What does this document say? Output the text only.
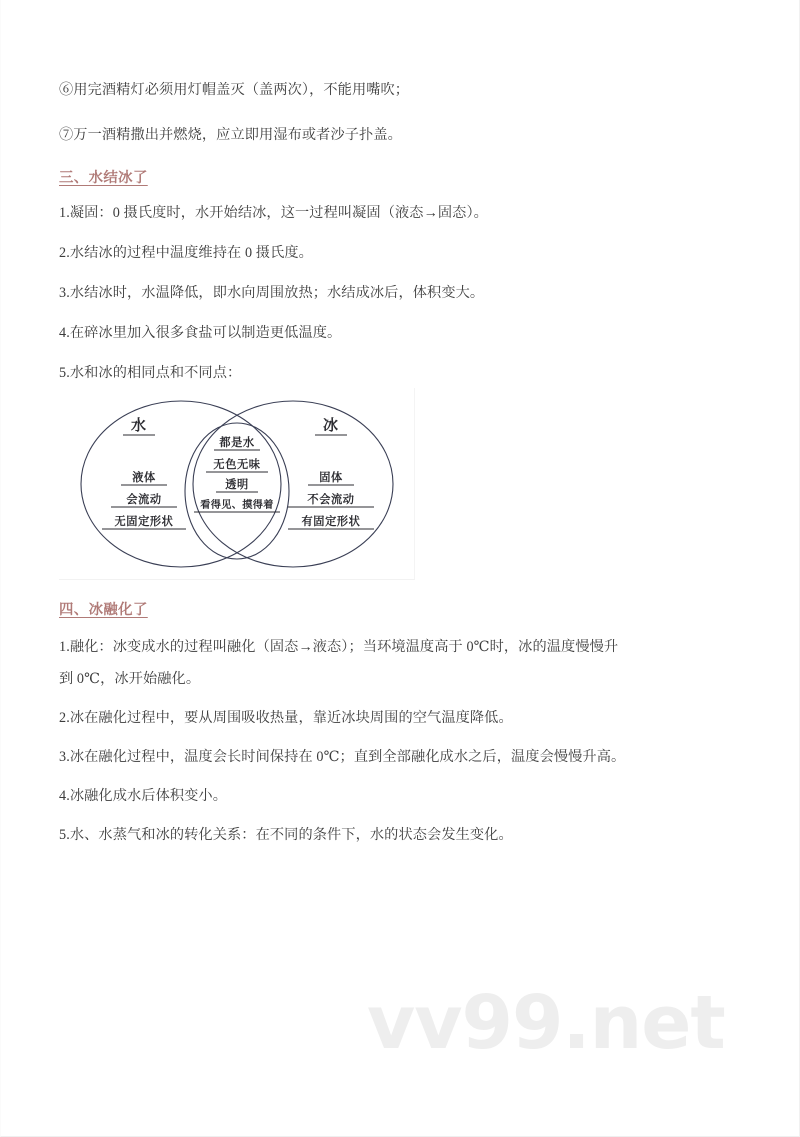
⑥用完酒精灯必须用灯帽盖灭（盖两次），不能用嘴吹；

⑦万一酒精撒出并燃烧，应立即用湿布或者沙子扑盖。

三、水结冰了

1.凝固：0 摄氏度时，水开始结冰，这一过程叫凝固（液态→固态）。

2.水结冰的过程中温度维持在 0 摄氏度。

3.水结冰时，水温降低，即水向周围放热；水结成冰后，体积变大。

4.在碎冰里加入很多食盐可以制造更低温度。

5.水和冰的相同点和不同点：

水	冰
液体
会流动
无固定形状
都是水
无色无味
透明
看得见、摸得着
固体
不会流动
有固定形状
四、冰融化了

1.融化：冰变成水的过程叫融化（固态→液态）；当环境温度高于 0℃时，冰的温度慢慢升

到 0℃，冰开始融化。

2.冰在融化过程中，要从周围吸收热量，靠近冰块周围的空气温度降低。

3.冰在融化过程中，温度会长时间保持在 0℃；直到全部融化成水之后，温度会慢慢升高。

4.冰融化成水后体积变小。

5.水、水蒸气和冰的转化关系：在不同的条件下，水的状态会发生变化。

vv99.net
